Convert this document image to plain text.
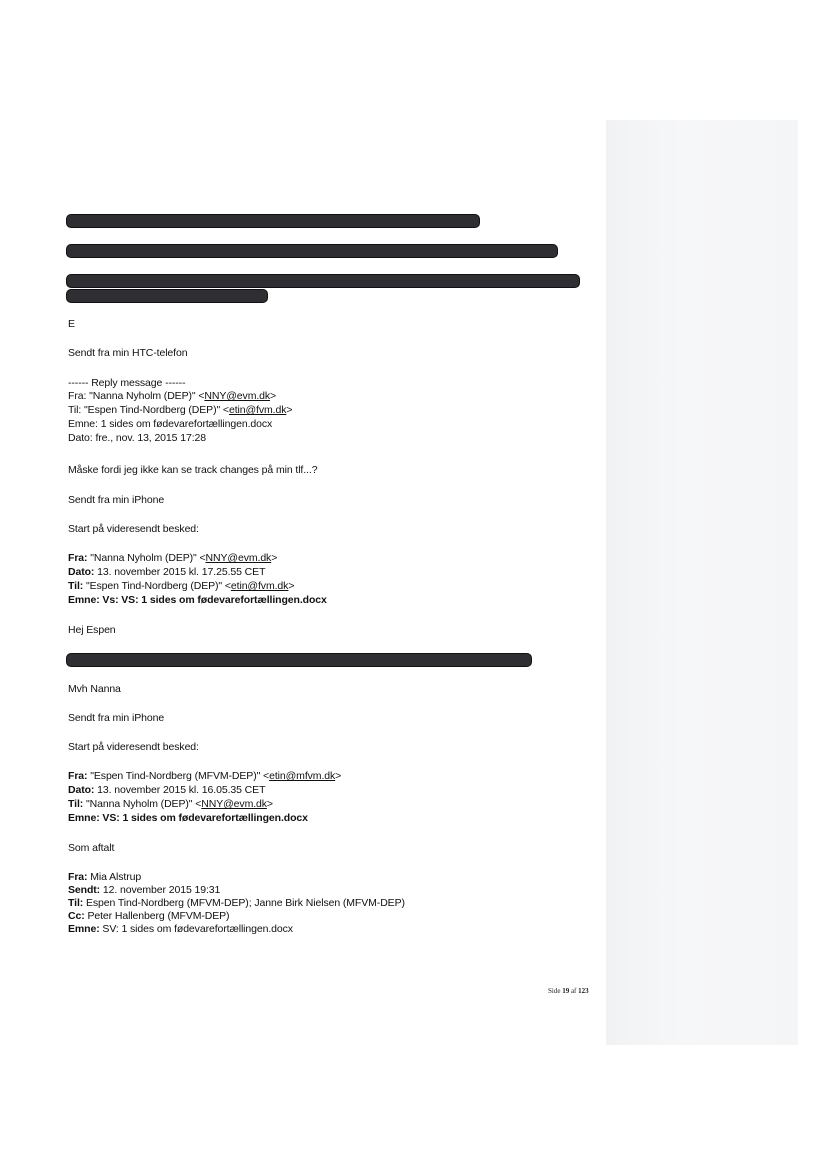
E
Sendt fra min HTC-telefon
------ Reply message ------
Fra: "Nanna Nyholm (DEP)" <NNY@evm.dk>
Til: "Espen Tind-Nordberg (DEP)" <etin@fvm.dk>
Emne: 1 sides om fødevarefortællingen.docx
Dato: fre., nov. 13, 2015 17:28
Måske fordi jeg ikke kan se track changes på min tlf...?
Sendt fra min iPhone
Start på videresendt besked:
Fra: "Nanna Nyholm (DEP)" <NNY@evm.dk>
Dato: 13. november 2015 kl. 17.25.55 CET
Til: "Espen Tind-Nordberg (DEP)" <etin@fvm.dk>
Emne: Vs: VS: 1 sides om fødevarefortællingen.docx
Hej Espen
Mvh Nanna
Sendt fra min iPhone
Start på videresendt besked:
Fra: "Espen Tind-Nordberg (MFVM-DEP)" <etin@mfvm.dk>
Dato: 13. november 2015 kl. 16.05.35 CET
Til: "Nanna Nyholm (DEP)" <NNY@evm.dk>
Emne: VS: 1 sides om fødevarefortællingen.docx
Som aftalt
Fra: Mia Alstrup
Sendt: 12. november 2015 19:31
Til: Espen Tind-Nordberg (MFVM-DEP); Janne Birk Nielsen (MFVM-DEP)
Cc: Peter Hallenberg (MFVM-DEP)
Emne: SV: 1 sides om fødevarefortællingen.docx
Side 19 af 123
